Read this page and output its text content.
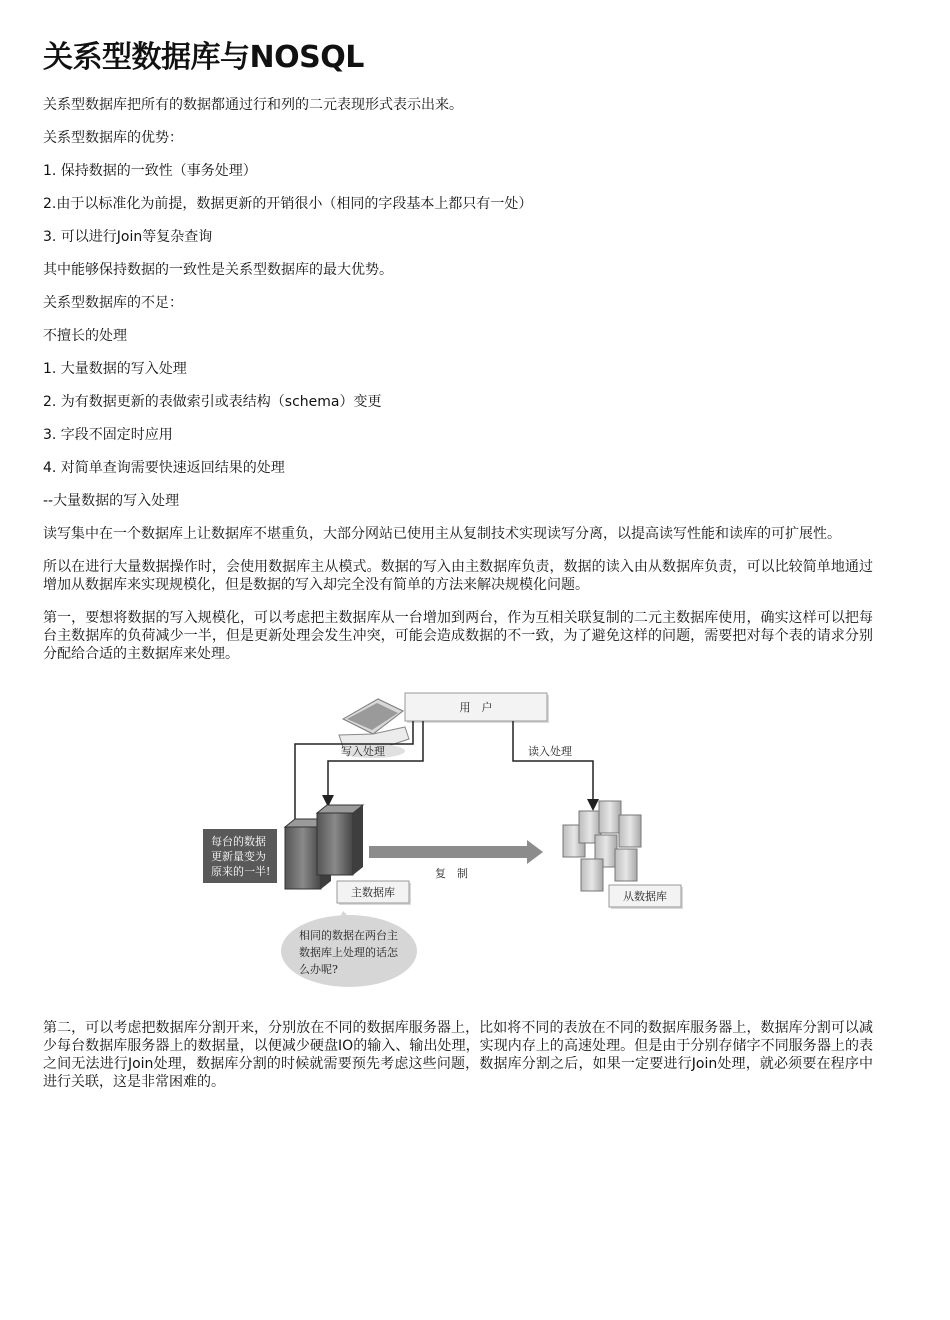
关系型数据库与NOSQL
关系型数据库把所有的数据都通过行和列的二元表现形式表示出来。
关系型数据库的优势：
1. 保持数据的一致性（事务处理）
2.由于以标准化为前提，数据更新的开销很小（相同的字段基本上都只有一处）
3. 可以进行Join等复杂查询
其中能够保持数据的一致性是关系型数据库的最大优势。
关系型数据库的不足：
不擅长的处理
1. 大量数据的写入处理
2. 为有数据更新的表做索引或表结构（schema）变更
3. 字段不固定时应用
4. 对简单查询需要快速返回结果的处理
--大量数据的写入处理
读写集中在一个数据库上让数据库不堪重负，大部分网站已使用主从复制技术实现读写分离，以提高读写性能和读库的可扩展性。
所以在进行大量数据操作时，会使用数据库主从模式。数据的写入由主数据库负责，数据的读入由从数据库负责，可以比较简单地通过增加从数据库来实现规模化，但是数据的写入却完全没有简单的方法来解决规模化问题。
第一，要想将数据的写入规模化，可以考虑把主数据库从一台增加到两台，作为互相关联复制的二元主数据库使用，确实这样可以把每台主数据库的负荷减少一半，但是更新处理会发生冲突，可能会造成数据的不一致，为了避免这样的问题，需要把对每个表的请求分别分配给合适的主数据库来处理。
用　户
写入处理	读入处理
每台的数据
更新量变为
原来的一半!
主数据库
复　制
从数据库
相同的数据在两台主
数据库上处理的话怎
么办呢?
第二，可以考虑把数据库分割开来，分别放在不同的数据库服务器上，比如将不同的表放在不同的数据库服务器上，数据库分割可以减少每台数据库服务器上的数据量，以便减少硬盘IO的输入、输出处理，实现内存上的高速处理。但是由于分别存储字不同服务器上的表之间无法进行Join处理，数据库分割的时候就需要预先考虑这些问题，数据库分割之后，如果一定要进行Join处理，就必须要在程序中进行关联，这是非常困难的。
